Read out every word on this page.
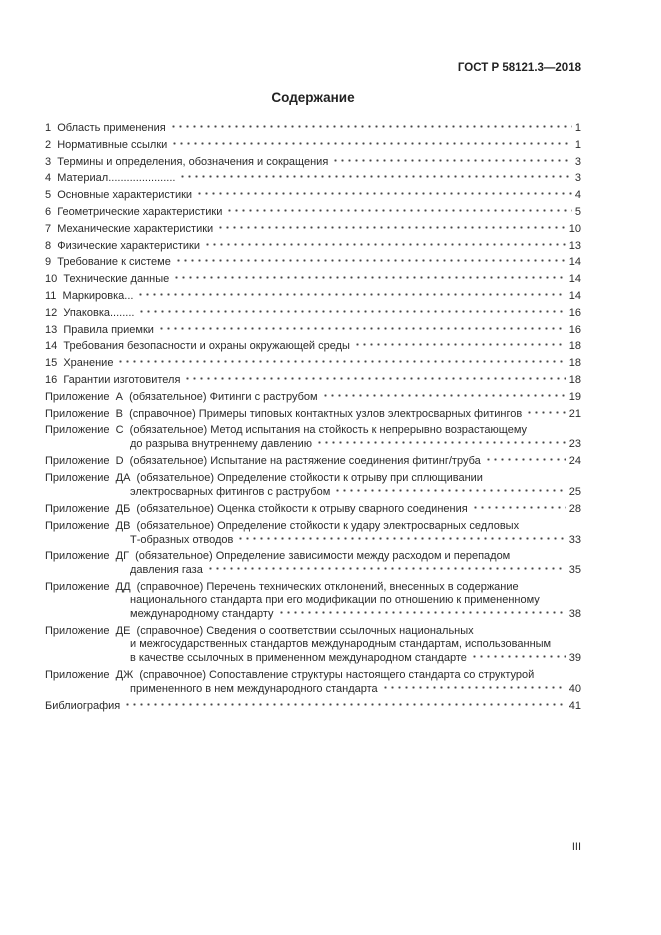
ГОСТ Р 58121.3—2018
Содержание
1  Область применения	1
2  Нормативные ссылки	1
3  Термины и определения, обозначения и сокращения	3
4  Материал......................	3
5  Основные характеристики	4
6  Геометрические характеристики	5
7  Механические характеристики	10
8  Физические характеристики	13
9  Требование к системе	14
10  Технические данные	14
11  Маркировка...	14
12  Упаковка........	16
13  Правила приемки	16
14  Требования безопасности и охраны окружающей среды	18
15  Хранение	18
16  Гарантии изготовителя	18
Приложение  А  (обязательное) Фитинги с раструбом	19
Приложение  В  (справочное) Примеры типовых контактных узлов электросварных фитингов	21
Приложение  С  (обязательное) Метод испытания на стойкость к непрерывно возрастающему
до разрыва внутреннему давлению	23
Приложение  D  (обязательное) Испытание на растяжение соединения фитинг/труба	24
Приложение  ДА  (обязательное) Определение стойкости к отрыву при сплющивании
электросварных фитингов с раструбом	25
Приложение  ДБ  (обязательное) Оценка стойкости к отрыву сварного соединения	28
Приложение  ДВ  (обязательное) Определение стойкости к удару электросварных седловых
Т-образных отводов	33
Приложение  ДГ  (обязательное) Определение зависимости между расходом и перепадом
давления газа	35
Приложение  ДД  (справочное) Перечень технических отклонений, внесенных в содержание
национального стандарта при его модификации по отношению к примененному
международному стандарту	38
Приложение  ДЕ  (справочное) Сведения о соответствии ссылочных национальных
и межгосударственных стандартов международным стандартам, использованным
в качестве ссылочных в примененном международном стандарте	39
Приложение  ДЖ  (справочное) Сопоставление структуры настоящего стандарта со структурой
примененного в нем международного стандарта	40
Библиография	41
III
